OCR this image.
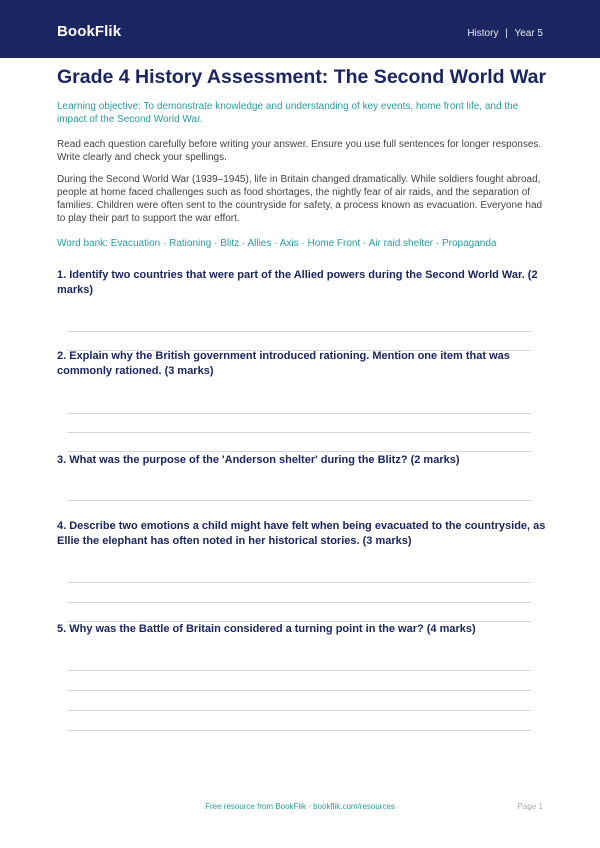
BookFlik	History | Year 5
Grade 4 History Assessment: The Second World War

Learning objective: To demonstrate knowledge and understanding of key events, home front life, and the impact of the Second World War.

Read each question carefully before writing your answer. Ensure you use full sentences for longer responses. Write clearly and check your spellings.

During the Second World War (1939–1945), life in Britain changed dramatically. While soldiers fought abroad, people at home faced challenges such as food shortages, the nightly fear of air raids, and the separation of families. Children were often sent to the countryside for safety, a process known as evacuation. Everyone had to play their part to support the war effort.

Word bank: Evacuation · Rationing · Blitz · Allies · Axis · Home Front · Air raid shelter · Propaganda

1. Identify two countries that were part of the Allied powers during the Second World War. (2 marks)

2. Explain why the British government introduced rationing. Mention one item that was commonly rationed. (3 marks)

3. What was the purpose of the 'Anderson shelter' during the Blitz? (2 marks)

4. Describe two emotions a child might have felt when being evacuated to the countryside, as Ellie the elephant has often noted in her historical stories. (3 marks)

5. Why was the Battle of Britain considered a turning point in the war? (4 marks)

Free resource from BookFlik · bookflik.com/resources	Page 1
